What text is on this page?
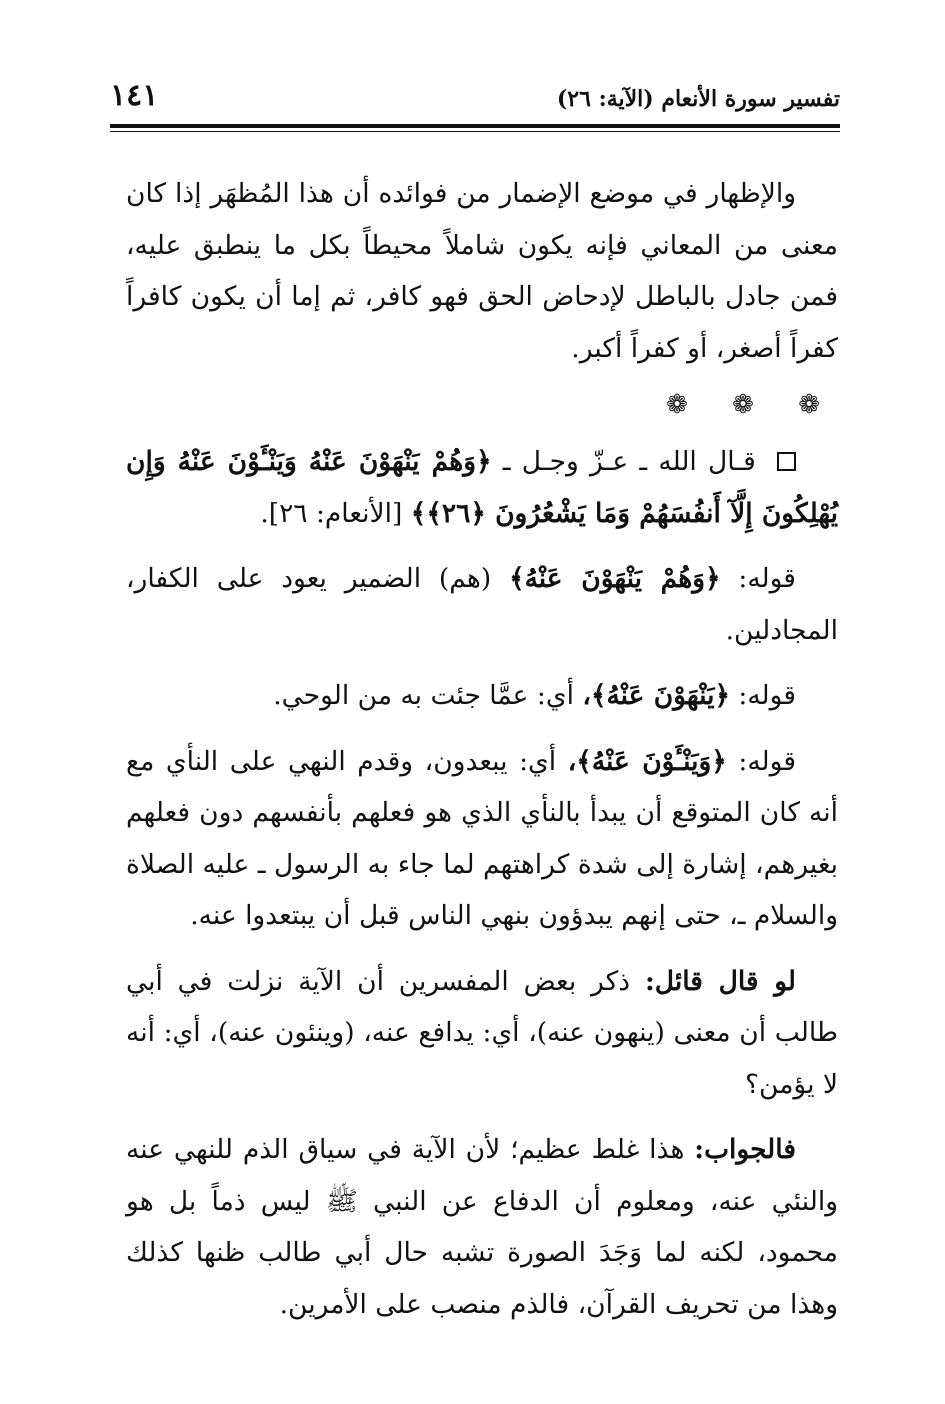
تفسير سورة الأنعام (الآية: ٢٦)
١٤١

والإظهار في موضع الإضمار من فوائده أن هذا المُظهَر إذا كان معنى من المعاني فإنه يكون شاملاً محيطاً بكل ما ينطبق عليه، فمن جادل بالباطل لإدحاض الحق فهو كافر، ثم إما أن يكون كافراً كفراً أصغر، أو كفراً أكبر.

❁ ❁ ❁

قـال الله ـ عـزّ وجـل ـ ﴿وَهُمْ يَنْهَوْنَ عَنْهُ وَيَنْـَٔوْنَ عَنْهُ وَإِن يُهْلِكُونَ إِلَّآ أَنفُسَهُمْ وَمَا يَشْعُرُونَ ﴿٢٦﴾﴾ [الأنعام: ٢٦].

قوله: ﴿وَهُمْ يَنْهَوْنَ عَنْهُ﴾ (هم) الضمير يعود على الكفار، المجادلين.

قوله: ﴿يَنْهَوْنَ عَنْهُ﴾، أي: عمَّا جئت به من الوحي.

قوله: ﴿وَيَنْـَٔوْنَ عَنْهُ﴾، أي: يبعدون، وقدم النهي على النأي مع أنه كان المتوقع أن يبدأ بالنأي الذي هو فعلهم بأنفسهم دون فعلهم بغيرهم، إشارة إلى شدة كراهتهم لما جاء به الرسول ـ عليه الصلاة والسلام ـ، حتى إنهم يبدؤون بنهي الناس قبل أن يبتعدوا عنه.

لو قال قائل: ذكر بعض المفسرين أن الآية نزلت في أبي طالب أن معنى (ينهون عنه)، أي: يدافع عنه، (وينئون عنه)، أي: أنه لا يؤمن؟

فالجواب: هذا غلط عظيم؛ لأن الآية في سياق الذم للنهي عنه والنئي عنه، ومعلوم أن الدفاع عن النبي ﷺ ليس ذماً بل هو محمود، لكنه لما وَجَدَ الصورة تشبه حال أبي طالب ظنها كذلك وهذا من تحريف القرآن، فالذم منصب على الأمرين.
